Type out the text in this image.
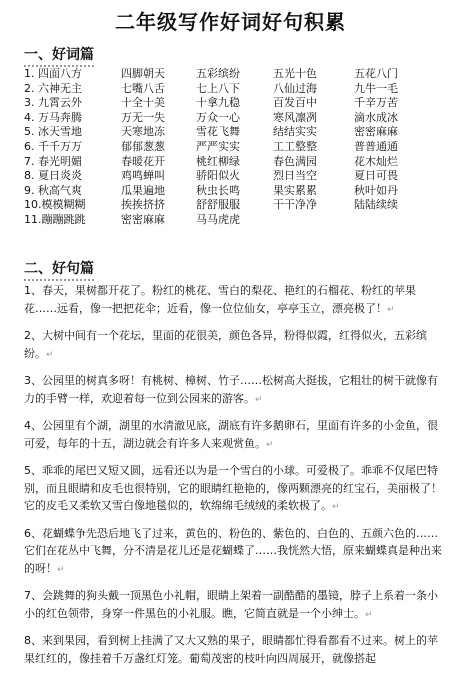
二年级写作好词好句积累
一、好词篇
1. 四面八方	四脚朝天	五彩缤纷	五光十色	五花八门
2. 六神无主	七嘴八舌	七上八下	八仙过海	九牛一毛
3. 九霄云外	十全十美	十拿九稳	百发百中	千辛万苦
4. 万马奔腾	万无一失	万众一心	寒风凛冽	滴水成冰
5. 冰天雪地	天寒地冻	雪花飞舞	结结实实	密密麻麻
6. 千千万万	郁郁葱葱	严严实实	工工整整	普普通通
7. 春光明媚	春暖花开	桃红柳绿	春色满园	花木灿烂
8. 夏日炎炎	鸡鸣蝉叫	骄阳似火	烈日当空	夏日可畏
9. 秋高气爽	瓜果遍地	秋虫长鸣	果实累累	秋叶如丹
10.模模糊糊	挨挨挤挤	舒舒服服	干干净净	陆陆续续
11.蹦蹦跳跳	密密麻麻	马马虎虎
二、好句篇

1、春天，果树都开花了。粉红的桃花、雪白的梨花、艳红的石榴花、粉红的苹果花……远看，像一把把花伞；近看，像一位位仙女，亭亭玉立，漂亮极了！↵

2、大树中间有一个花坛，里面的花很美，颜色各异，粉得似霞，红得似火，五彩缤纷。↵

3、公园里的树真多呀！有桃树、樟树、竹子……松树高大挺拔，它粗壮的树干就像有力的手臂一样，欢迎着每一位到公园来的游客。↵

4、公园里有个湖，湖里的水清澈见底，湖底有许多鹅卵石，里面有许多的小金鱼，很可爱，每年的十五，湖边就会有许多人来观赏鱼。↵

5、乖乖的尾巴又短又圆，远看还以为是一个雪白的小球。可爱极了。乖乖不仅尾巴特别，而且眼睛和皮毛也很特别，它的眼睛红艳艳的，像两颗漂亮的红宝石，美丽极了！它的皮毛又柔软又雪白像地毯似的，软绵绵毛绒绒的柔软极了。↵

6、花蝴蝶争先恐后地飞了过来，黄色的、粉色的、紫色的、白色的、五颜六色的……它们在花丛中飞舞，分不清是花儿还是花蝴蝶了……我恍然大悟，原来蝴蝶真是种出来的呀！↵

7、会跳舞的狗头戴一顶黑色小礼帽，眼睛上架着一副酷酷的墨镜，脖子上系着一条小小的红色领带，身穿一件黑色的小礼服。瞧，它简直就是一个小绅士。↵

8、来到果园，看到树上挂满了又大又熟的果子，眼睛都忙得看都看不过来。树上的苹果红红的，像挂着千万盏红灯笼。葡萄茂密的枝叶向四周展开，就像搭起
